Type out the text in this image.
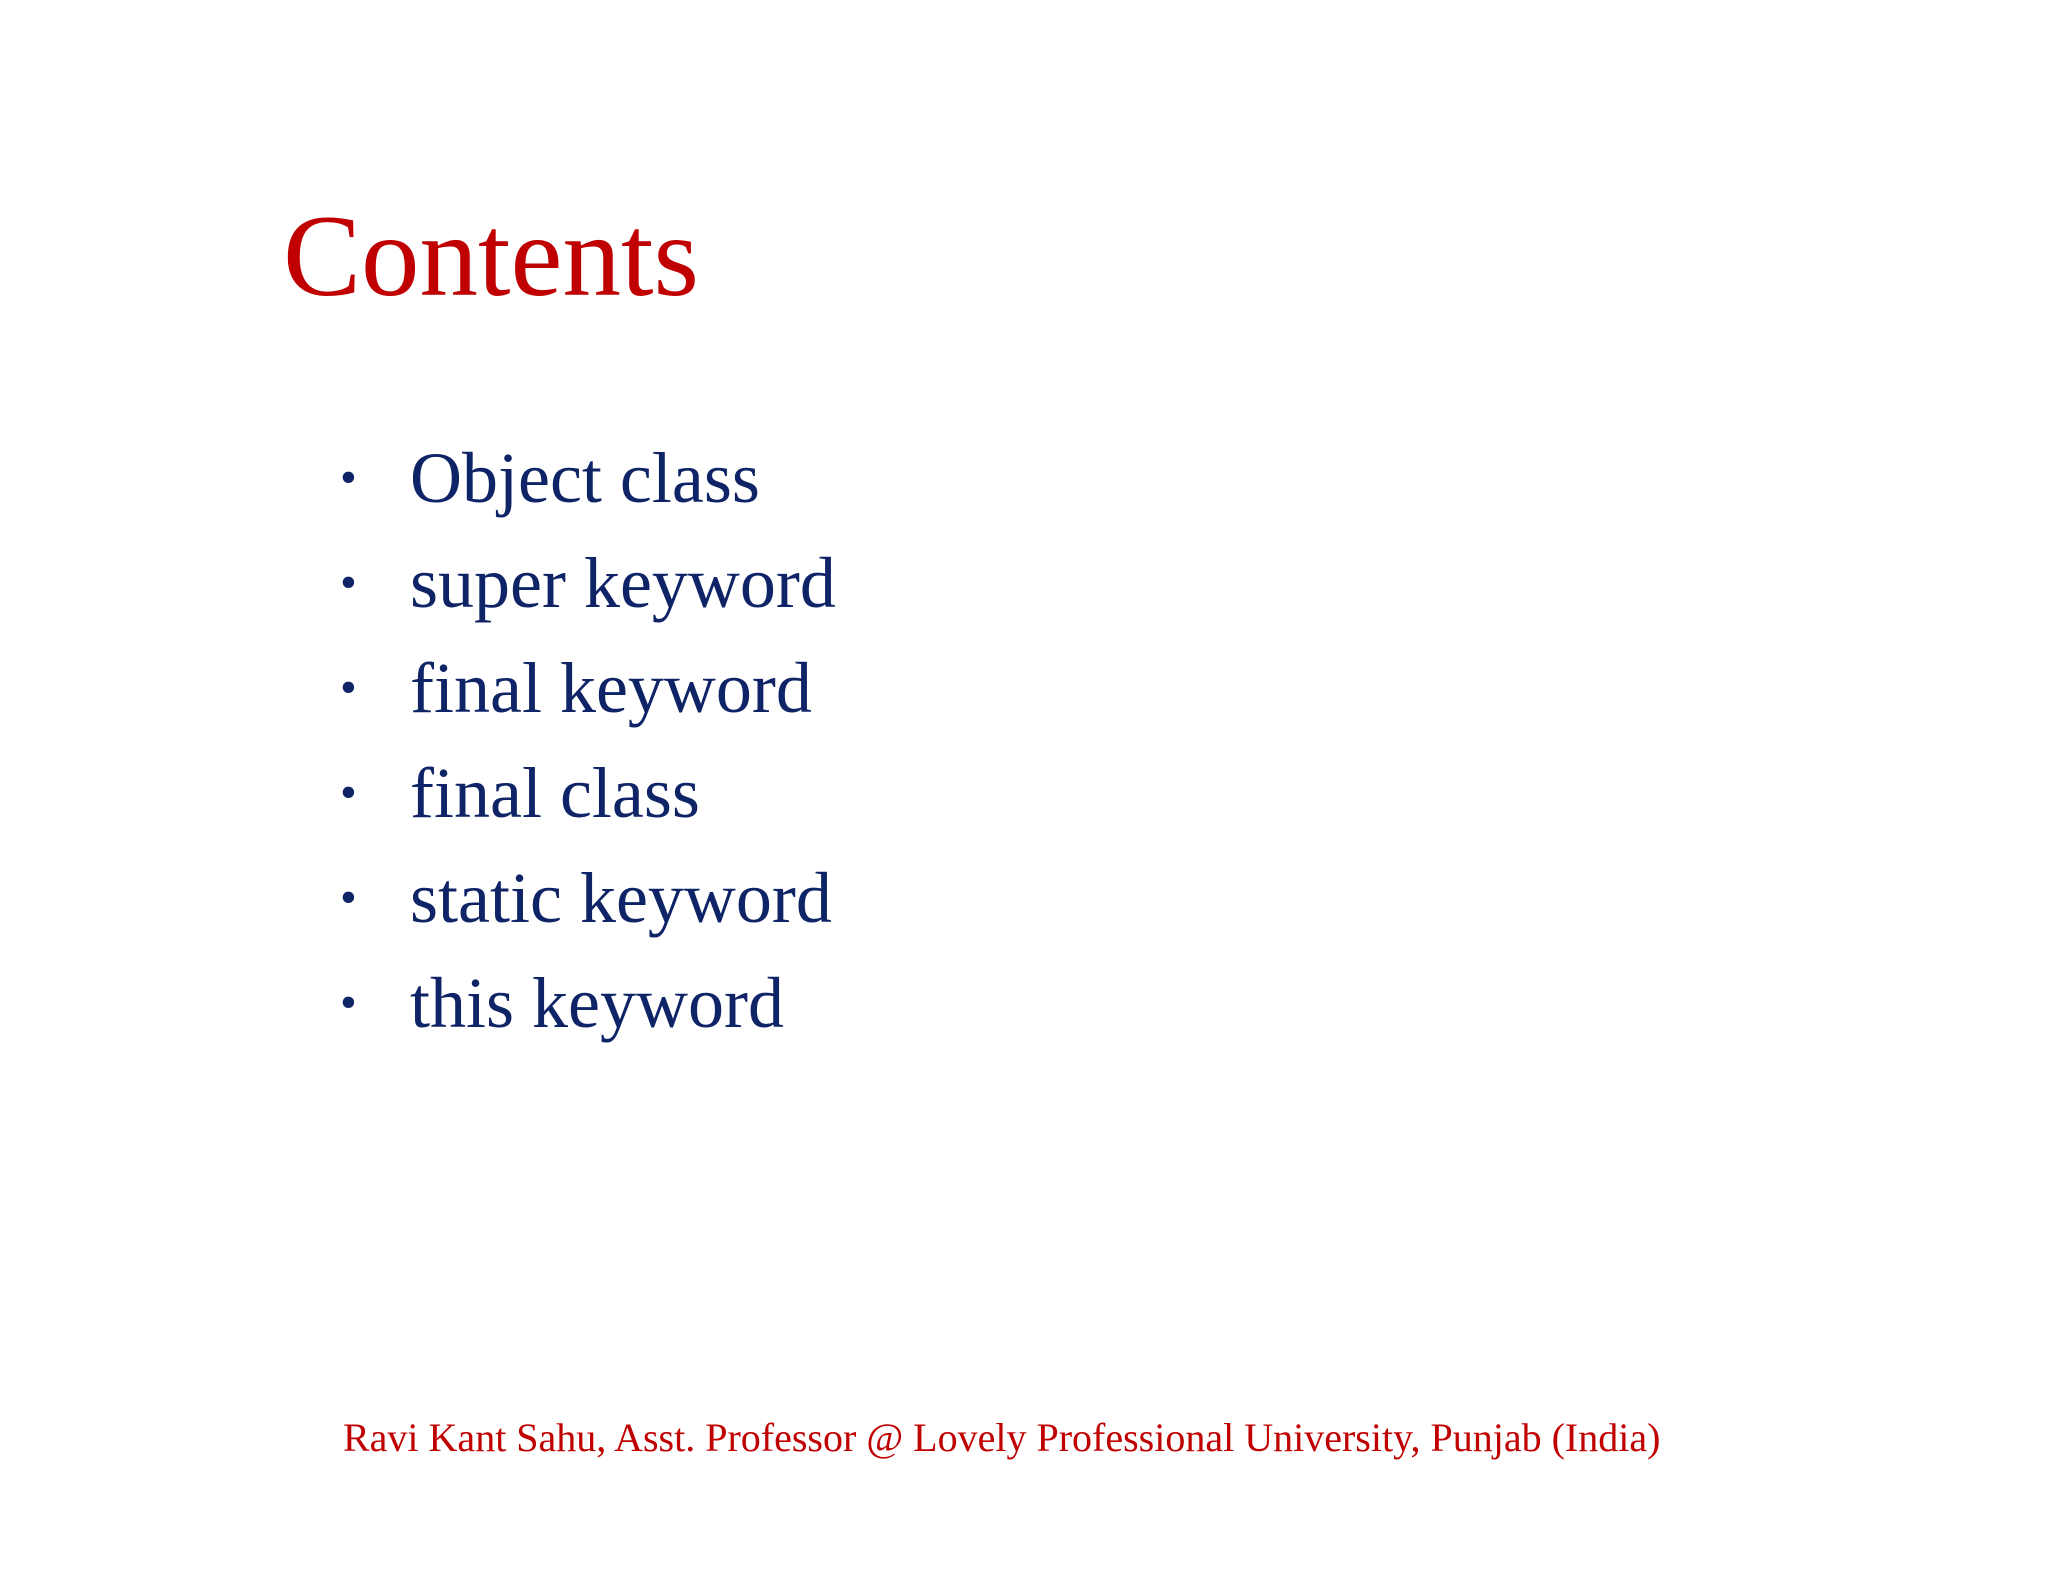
Contents
• Object class
• super keyword
• final keyword
• final class
• static keyword
• this keyword

Ravi Kant Sahu, Asst. Professor @ Lovely Professional University, Punjab (India)
